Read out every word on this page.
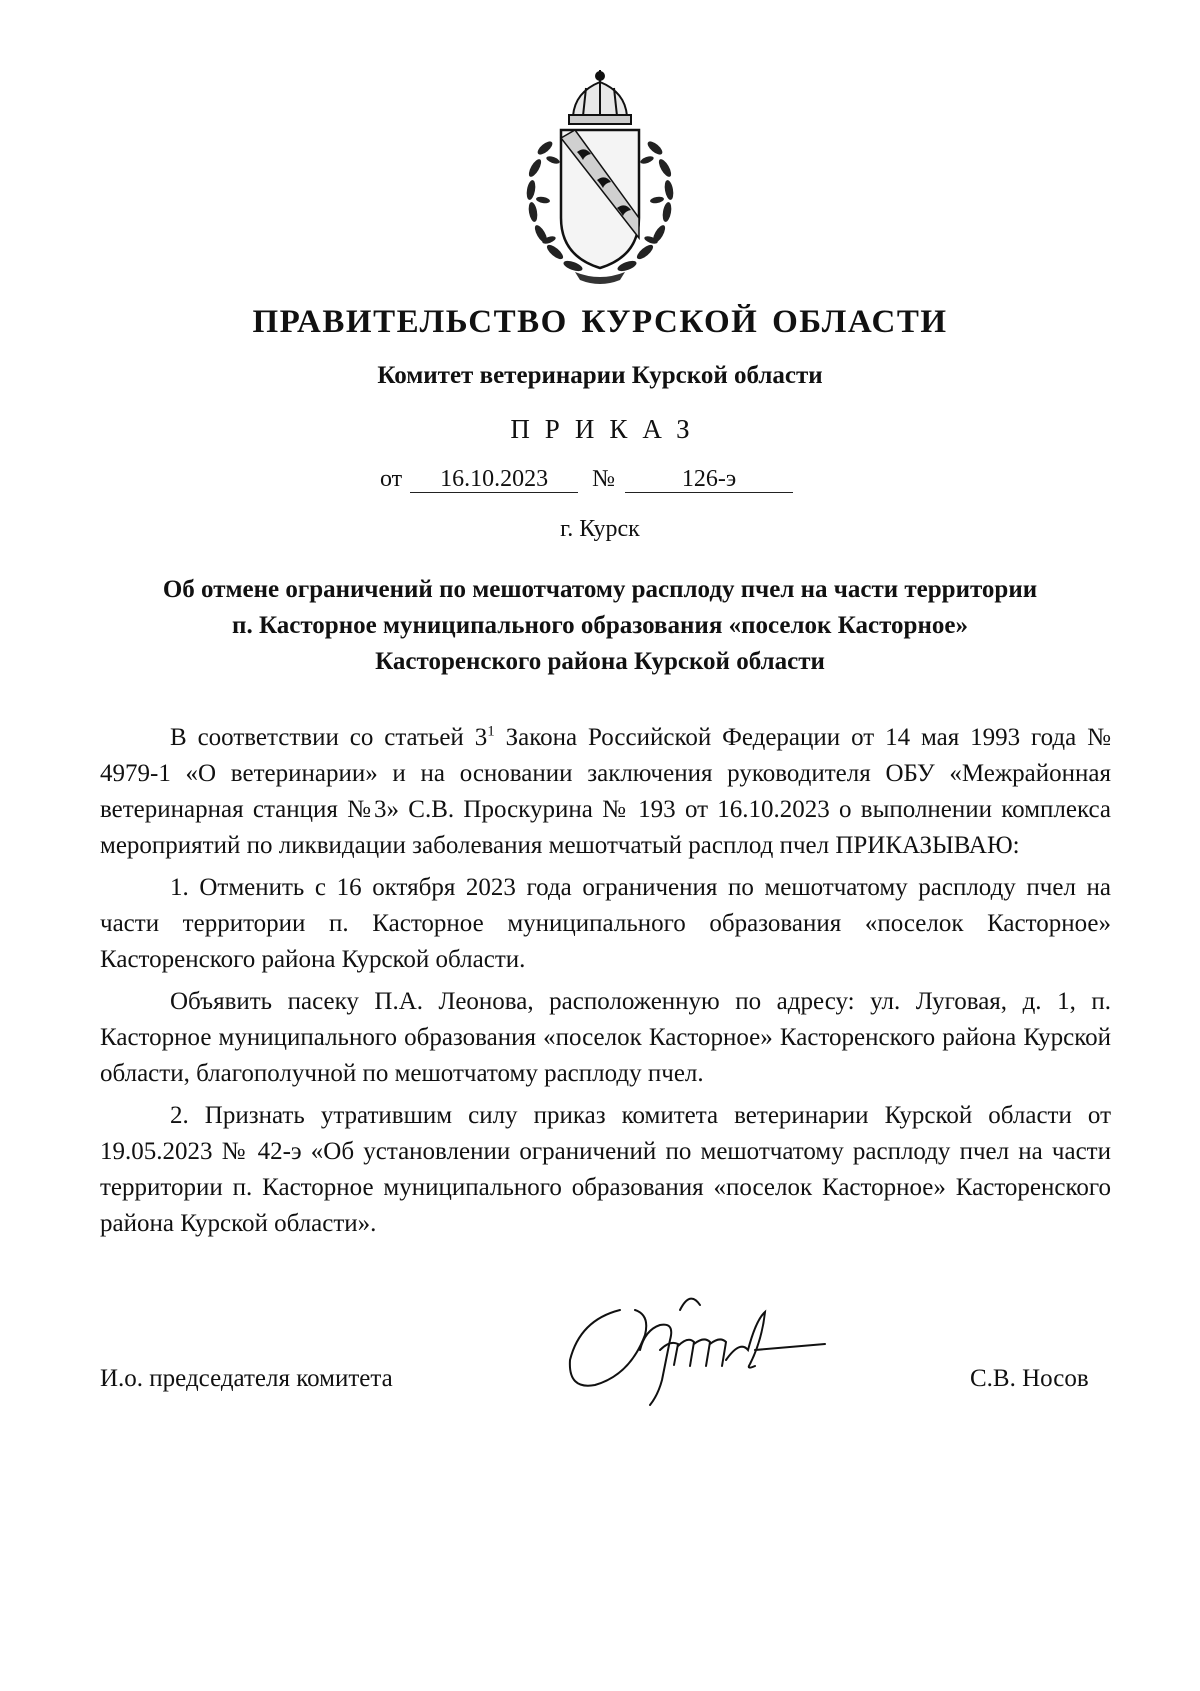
ПРАВИТЕЛЬСТВО КУРСКОЙ ОБЛАСТИ
Комитет ветеринарии Курской области
ПРИКАЗ
от 16.10.2023 №	126-э
г. Курск
Об отмене ограничений по мешотчатому расплоду пчел на части территории
п. Касторное муниципального образования «поселок Касторное»
Касторенского района Курской области

В соответствии со статьей $3^1$ Закона Российской Федерации от 14 мая 1993 года № 4979-1 «О ветеринарии» и на основании заключения руководителя ОБУ «Межрайонная ветеринарная станция №3» С.В. Проскурина № 193 от 16.10.2023 о выполнении комплекса мероприятий по ликвидации заболевания мешотчатый расплод пчел ПРИКАЗЫВАЮ:

1. Отменить с 16 октября 2023 года ограничения по мешотчатому расплоду пчел на части территории п. Касторное муниципального образования «поселок Касторное» Касторенского района Курской области.

Объявить пасеку П.А. Леонова, расположенную по адресу: ул. Луговая, д. 1, п. Касторное муниципального образования «поселок Касторное» Касторенского района Курской области, благополучной по мешотчатому расплоду пчел.

2. Признать утратившим силу приказ комитета ветеринарии Курской области от 19.05.2023 № 42-э «Об установлении ограничений по мешотчатому расплоду пчел на части территории п. Касторное муниципального образования «поселок Касторное» Касторенского района Курской области».

И.о. председателя комитета	С.В. Носов
